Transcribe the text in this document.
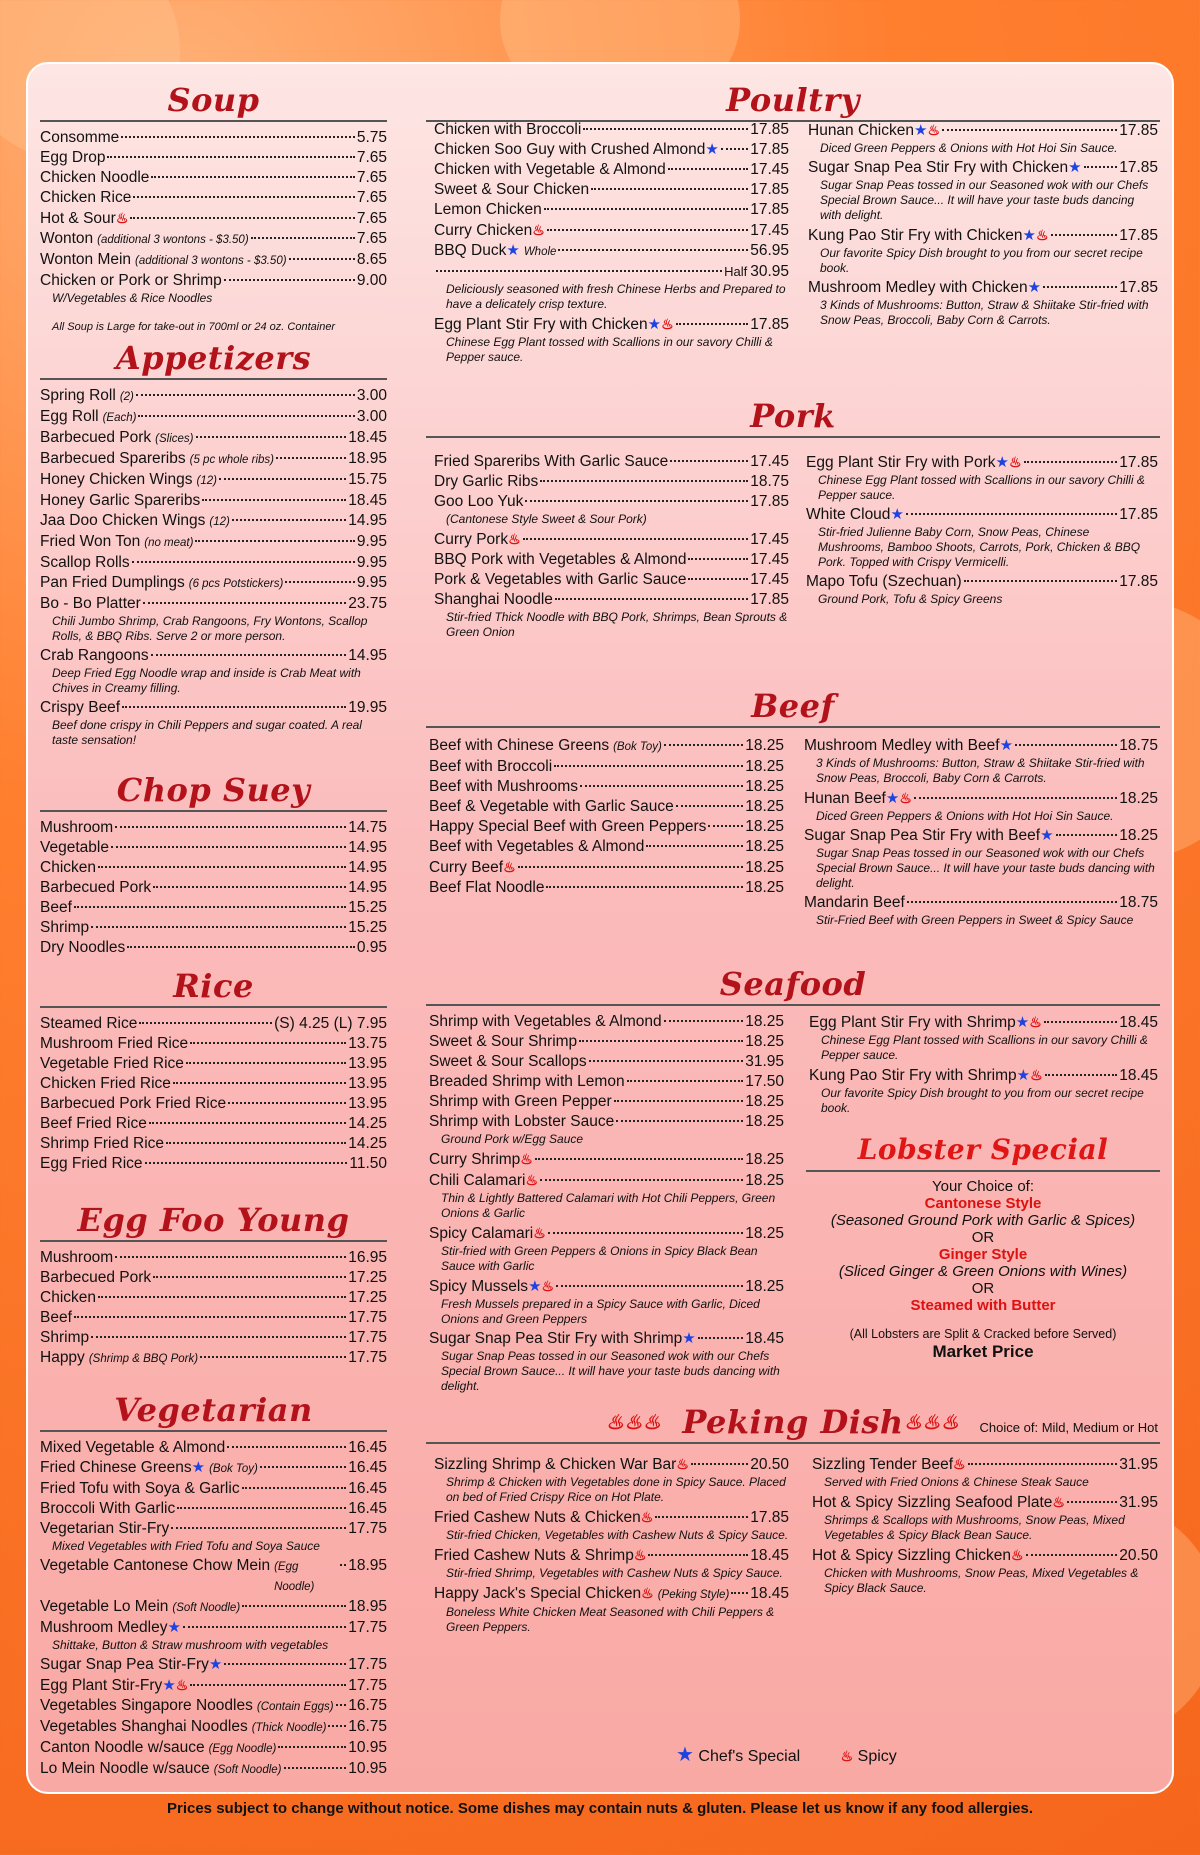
Soup
Consomme	5.75
Egg Drop	7.65
Chicken Noodle	7.65
Chicken Rice	7.65
Hot & Sour ♨	7.65
Wonton (additional 3 wontons - $3.50)	7.65
Wonton Mein (additional 3 wontons - $3.50)	8.65
Chicken or Pork or Shrimp	9.00
W/Vegetables & Rice Noodles
All Soup is Large for take-out in 700ml or 24 oz. Container
Appetizers
Spring Roll (2)	3.00
Egg Roll (Each)	3.00
Barbecued Pork (Slices)	18.45
Barbecued Spareribs (5 pc whole ribs)	18.95
Honey Chicken Wings (12)	15.75
Honey Garlic Spareribs	18.45
Jaa Doo Chicken Wings (12)	14.95
Fried Won Ton (no meat)	9.95
Scallop Rolls	9.95
Pan Fried Dumplings (6 pcs Potstickers)	9.95
Bo - Bo Platter	23.75
Chili Jumbo Shrimp, Crab Rangoons, Fry Wontons, Scallop Rolls, & BBQ Ribs. Serve 2 or more person.
Crab Rangoons	14.95
Deep Fried Egg Noodle wrap and inside is Crab Meat with Chives in Creamy filling.
Crispy Beef	19.95
Beef done crispy in Chili Peppers and sugar coated. A real taste sensation!
Chop Suey
Mushroom	14.75
Vegetable	14.95
Chicken	14.95
Barbecued Pork	14.95
Beef	15.25
Shrimp	15.25
Dry Noodles	0.95
Rice
Steamed Rice	(S) 4.25 (L) 7.95
Mushroom Fried Rice	13.75
Vegetable Fried Rice	13.95
Chicken Fried Rice	13.95
Barbecued Pork Fried Rice	13.95
Beef Fried Rice	14.25
Shrimp Fried Rice	14.25
Egg Fried Rice	11.50
Egg Foo Young
Mushroom	16.95
Barbecued Pork	17.25
Chicken	17.25
Beef	17.75
Shrimp	17.75
Happy (Shrimp & BBQ Pork)	17.75
Vegetarian
Mixed Vegetable & Almond	16.45
Fried Chinese Greens ★ (Bok Toy)	16.45
Fried Tofu with Soya & Garlic	16.45
Broccoli With Garlic	16.45
Vegetarian Stir-Fry	17.75
Mixed Vegetables with Fried Tofu and Soya Sauce
Vegetable Cantonese Chow Mein (Egg Noodle)
18.95
Vegetable Lo Mein (Soft Noodle)	18.95
Mushroom Medley ★	17.75
Shittake, Button & Straw mushroom with vegetables
Sugar Snap Pea Stir-Fry ★	17.75
Egg Plant Stir-Fry ★ ♨	17.75
Vegetables Singapore Noodles (Contain Eggs) 16.75
Vegetables Shanghai Noodles (Thick Noodle) 16.75
Canton Noodle w/sauce (Egg Noodle)	10.95
Lo Mein Noodle w/sauce (Soft Noodle)	10.95
Poultry
Chicken with Broccoli	17.85
Chicken Soo Guy with Crushed Almond ★ 17.85
Chicken with Vegetable & Almond	17.45
Sweet & Sour Chicken	17.85
Lemon Chicken	17.85
Curry Chicken ♨	17.45
BBQ Duck ★ Whole	56.95
Half 30.95
Deliciously seasoned with fresh Chinese Herbs and Prepared to have a delicately crisp texture.
Egg Plant Stir Fry with Chicken ★ ♨	17.85
Chinese Egg Plant tossed with Scallions in our savory Chilli & Pepper sauce.
Hunan Chicken ★ ♨	17.85
Diced Green Peppers & Onions with Hot Hoi Sin Sauce.
Sugar Snap Pea Stir Fry with Chicken ★ 17.85
Sugar Snap Peas tossed in our Seasoned wok with our Chefs Special Brown Sauce... It will have your taste buds dancing with delight.
Kung Pao Stir Fry with Chicken ★ ♨	17.85
Our favorite Spicy Dish brought to you from our secret recipe book.
Mushroom Medley with Chicken ★	17.85
3 Kinds of Mushrooms: Button, Straw & Shiitake Stir-fried with Snow Peas, Broccoli, Baby Corn & Carrots.
Pork
Fried Spareribs With Garlic Sauce	17.45
Dry Garlic Ribs	18.75
Goo Loo Yuk	17.85
(Cantonese Style Sweet & Sour Pork)
Curry Pork ♨	17.45
BBQ Pork with Vegetables & Almond	17.45
Pork & Vegetables with Garlic Sauce	17.45
Shanghai Noodle	17.85
Stir-fried Thick Noodle with BBQ Pork, Shrimps, Bean Sprouts & Green Onion
Egg Plant Stir Fry with Pork ★ ♨	17.85
Chinese Egg Plant tossed with Scallions in our savory Chilli & Pepper sauce.
White Cloud ★	17.85
Stir-fried Julienne Baby Corn, Snow Peas, Chinese Mushrooms, Bamboo Shoots, Carrots, Pork, Chicken & BBQ Pork. Topped with Crispy Vermicelli.
Mapo Tofu (Szechuan)	17.85
Ground Pork, Tofu & Spicy Greens
Beef
Beef with Chinese Greens (Bok Toy)	18.25
Beef with Broccoli	18.25
Beef with Mushrooms	18.25
Beef & Vegetable with Garlic Sauce	18.25
Happy Special Beef with Green Peppers	18.25
Beef with Vegetables & Almond	18.25
Curry Beef ♨	18.25
Beef Flat Noodle	18.25
Mushroom Medley with Beef ★	18.75
3 Kinds of Mushrooms: Button, Straw & Shiitake Stir-fried with Snow Peas, Broccoli, Baby Corn & Carrots.
Hunan Beef ★ ♨	18.25
Diced Green Peppers & Onions with Hot Hoi Sin Sauce.
Sugar Snap Pea Stir Fry with Beef ★	18.25
Sugar Snap Peas tossed in our Seasoned wok with our Chefs Special Brown Sauce... It will have your taste buds dancing with delight.
Mandarin Beef	18.75
Stir-Fried Beef with Green Peppers in Sweet & Spicy Sauce
Seafood
Shrimp with Vegetables & Almond	18.25
Sweet & Sour Shrimp	18.25
Sweet & Sour Scallops	31.95
Breaded Shrimp with Lemon	17.50
Shrimp with Green Pepper	18.25
Shrimp with Lobster Sauce	18.25
Ground Pork w/Egg Sauce
Curry Shrimp ♨	18.25
Chili Calamari ♨	18.25
Thin & Lightly Battered Calamari with Hot Chili Peppers, Green Onions & Garlic
Spicy Calamari ♨	18.25
Stir-fried with Green Peppers & Onions in Spicy Black Bean Sauce with Garlic
Spicy Mussels ★ ♨	18.25
Fresh Mussels prepared in a Spicy Sauce with Garlic, Diced Onions and Green Peppers
Sugar Snap Pea Stir Fry with Shrimp ★	18.45
Sugar Snap Peas tossed in our Seasoned wok with our Chefs Special Brown Sauce... It will have your taste buds dancing with delight.
Egg Plant Stir Fry with Shrimp ★ ♨	18.45
Chinese Egg Plant tossed with Scallions in our savory Chilli & Pepper sauce.
Kung Pao Stir Fry with Shrimp ★ ♨	18.45
Our favorite Spicy Dish brought to you from our secret recipe book.
Lobster Special
Your Choice of:
Cantonese Style
(Seasoned Ground Pork with Garlic & Spices)
OR
Ginger Style
(Sliced Ginger & Green Onions with Wines)
OR
Steamed with Butter
(All Lobsters are Split & Cracked before Served)
Market Price
♨♨♨ Peking Dish ♨♨♨ Choice of: Mild, Medium or Hot
Sizzling Shrimp & Chicken War Bar ♨	20.50
Shrimp & Chicken with Vegetables done in Spicy Sauce. Placed on bed of Fried Crispy Rice on Hot Plate.
Fried Cashew Nuts & Chicken ♨	17.85
Stir-fried Chicken, Vegetables with Cashew Nuts & Spicy Sauce.
Fried Cashew Nuts & Shrimp ♨	18.45
Stir-fried Shrimp, Vegetables with Cashew Nuts & Spicy Sauce.
Happy Jack's Special Chicken ♨ (Peking Style) 18.45
Boneless White Chicken Meat Seasoned with Chili Peppers & Green Peppers.
Sizzling Tender Beef ♨	31.95
Served with Fried Onions & Chinese Steak Sauce
Hot & Spicy Sizzling Seafood Plate ♨	31.95
Shrimps & Scallops with Mushrooms, Snow Peas, Mixed Vegetables & Spicy Black Bean Sauce.
Hot & Spicy Sizzling Chicken ♨	20.50
Chicken with Mushrooms, Snow Peas, Mixed Vegetables & Spicy Black Sauce.
★ Chef's Special	♨ Spicy
Prices subject to change without notice. Some dishes may contain nuts & gluten. Please let us know if any food allergies.
